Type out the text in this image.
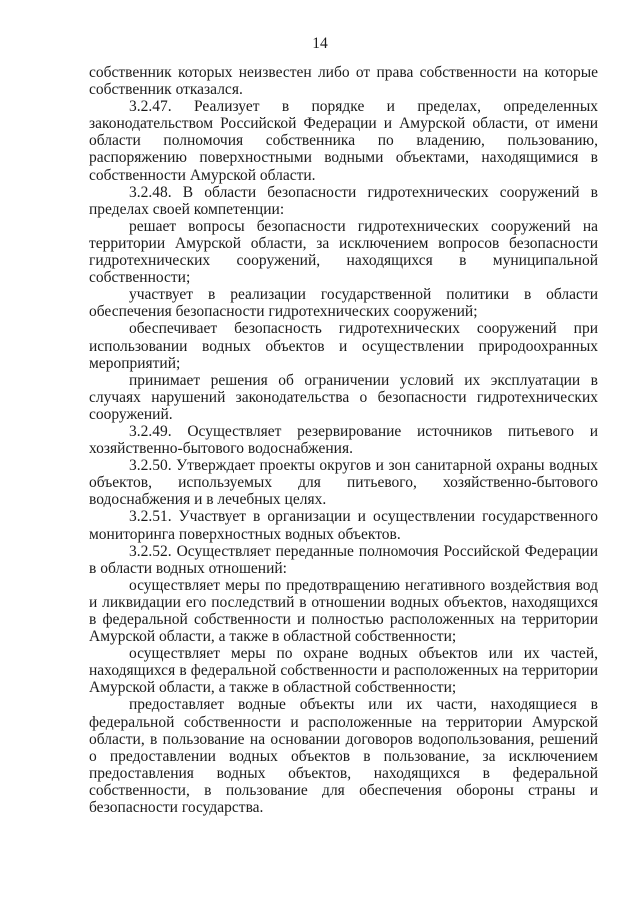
14

собственник которых неизвестен либо от права собственности на которые собственник отказался.

3.2.47. Реализует в порядке и пределах, определенных законодательством Российской Федерации и Амурской области, от имени области полномочия собственника по владению, пользованию, распоряжению поверхностными водными объектами, находящимися в собственности Амурской области.

3.2.48. В области безопасности гидротехнических сооружений в пределах своей компетенции:

решает вопросы безопасности гидротехнических сооружений на территории Амурской области, за исключением вопросов безопасности гидротехнических сооружений, находящихся в муниципальной собственности;

участвует в реализации государственной политики в области обеспечения безопасности гидротехнических сооружений;

обеспечивает безопасность гидротехнических сооружений при использовании водных объектов и осуществлении природоохранных мероприятий;

принимает решения об ограничении условий их эксплуатации в случаях нарушений законодательства о безопасности гидротехнических сооружений.

3.2.49. Осуществляет резервирование источников питьевого и хозяйственно-бытового водоснабжения.

3.2.50. Утверждает проекты округов и зон санитарной охраны водных объектов, используемых для питьевого, хозяйственно-бытового водоснабжения и в лечебных целях.

3.2.51. Участвует в организации и осуществлении государственного мониторинга поверхностных водных объектов.

3.2.52. Осуществляет переданные полномочия Российской Федерации в области водных отношений:

осуществляет меры по предотвращению негативного воздействия вод и ликвидации его последствий в отношении водных объектов, находящихся в федеральной собственности и полностью расположенных на территории Амурской области, а также в областной собственности;

осуществляет меры по охране водных объектов или их частей, находящихся в федеральной собственности и расположенных на территории Амурской области, а также в областной собственности;

предоставляет водные объекты или их части, находящиеся в федеральной собственности и расположенные на территории Амурской области, в пользование на основании договоров водопользования, решений о предоставлении водных объектов в пользование, за исключением предоставления водных объектов, находящихся в федеральной собственности, в пользование для обеспечения обороны страны и безопасности государства.
